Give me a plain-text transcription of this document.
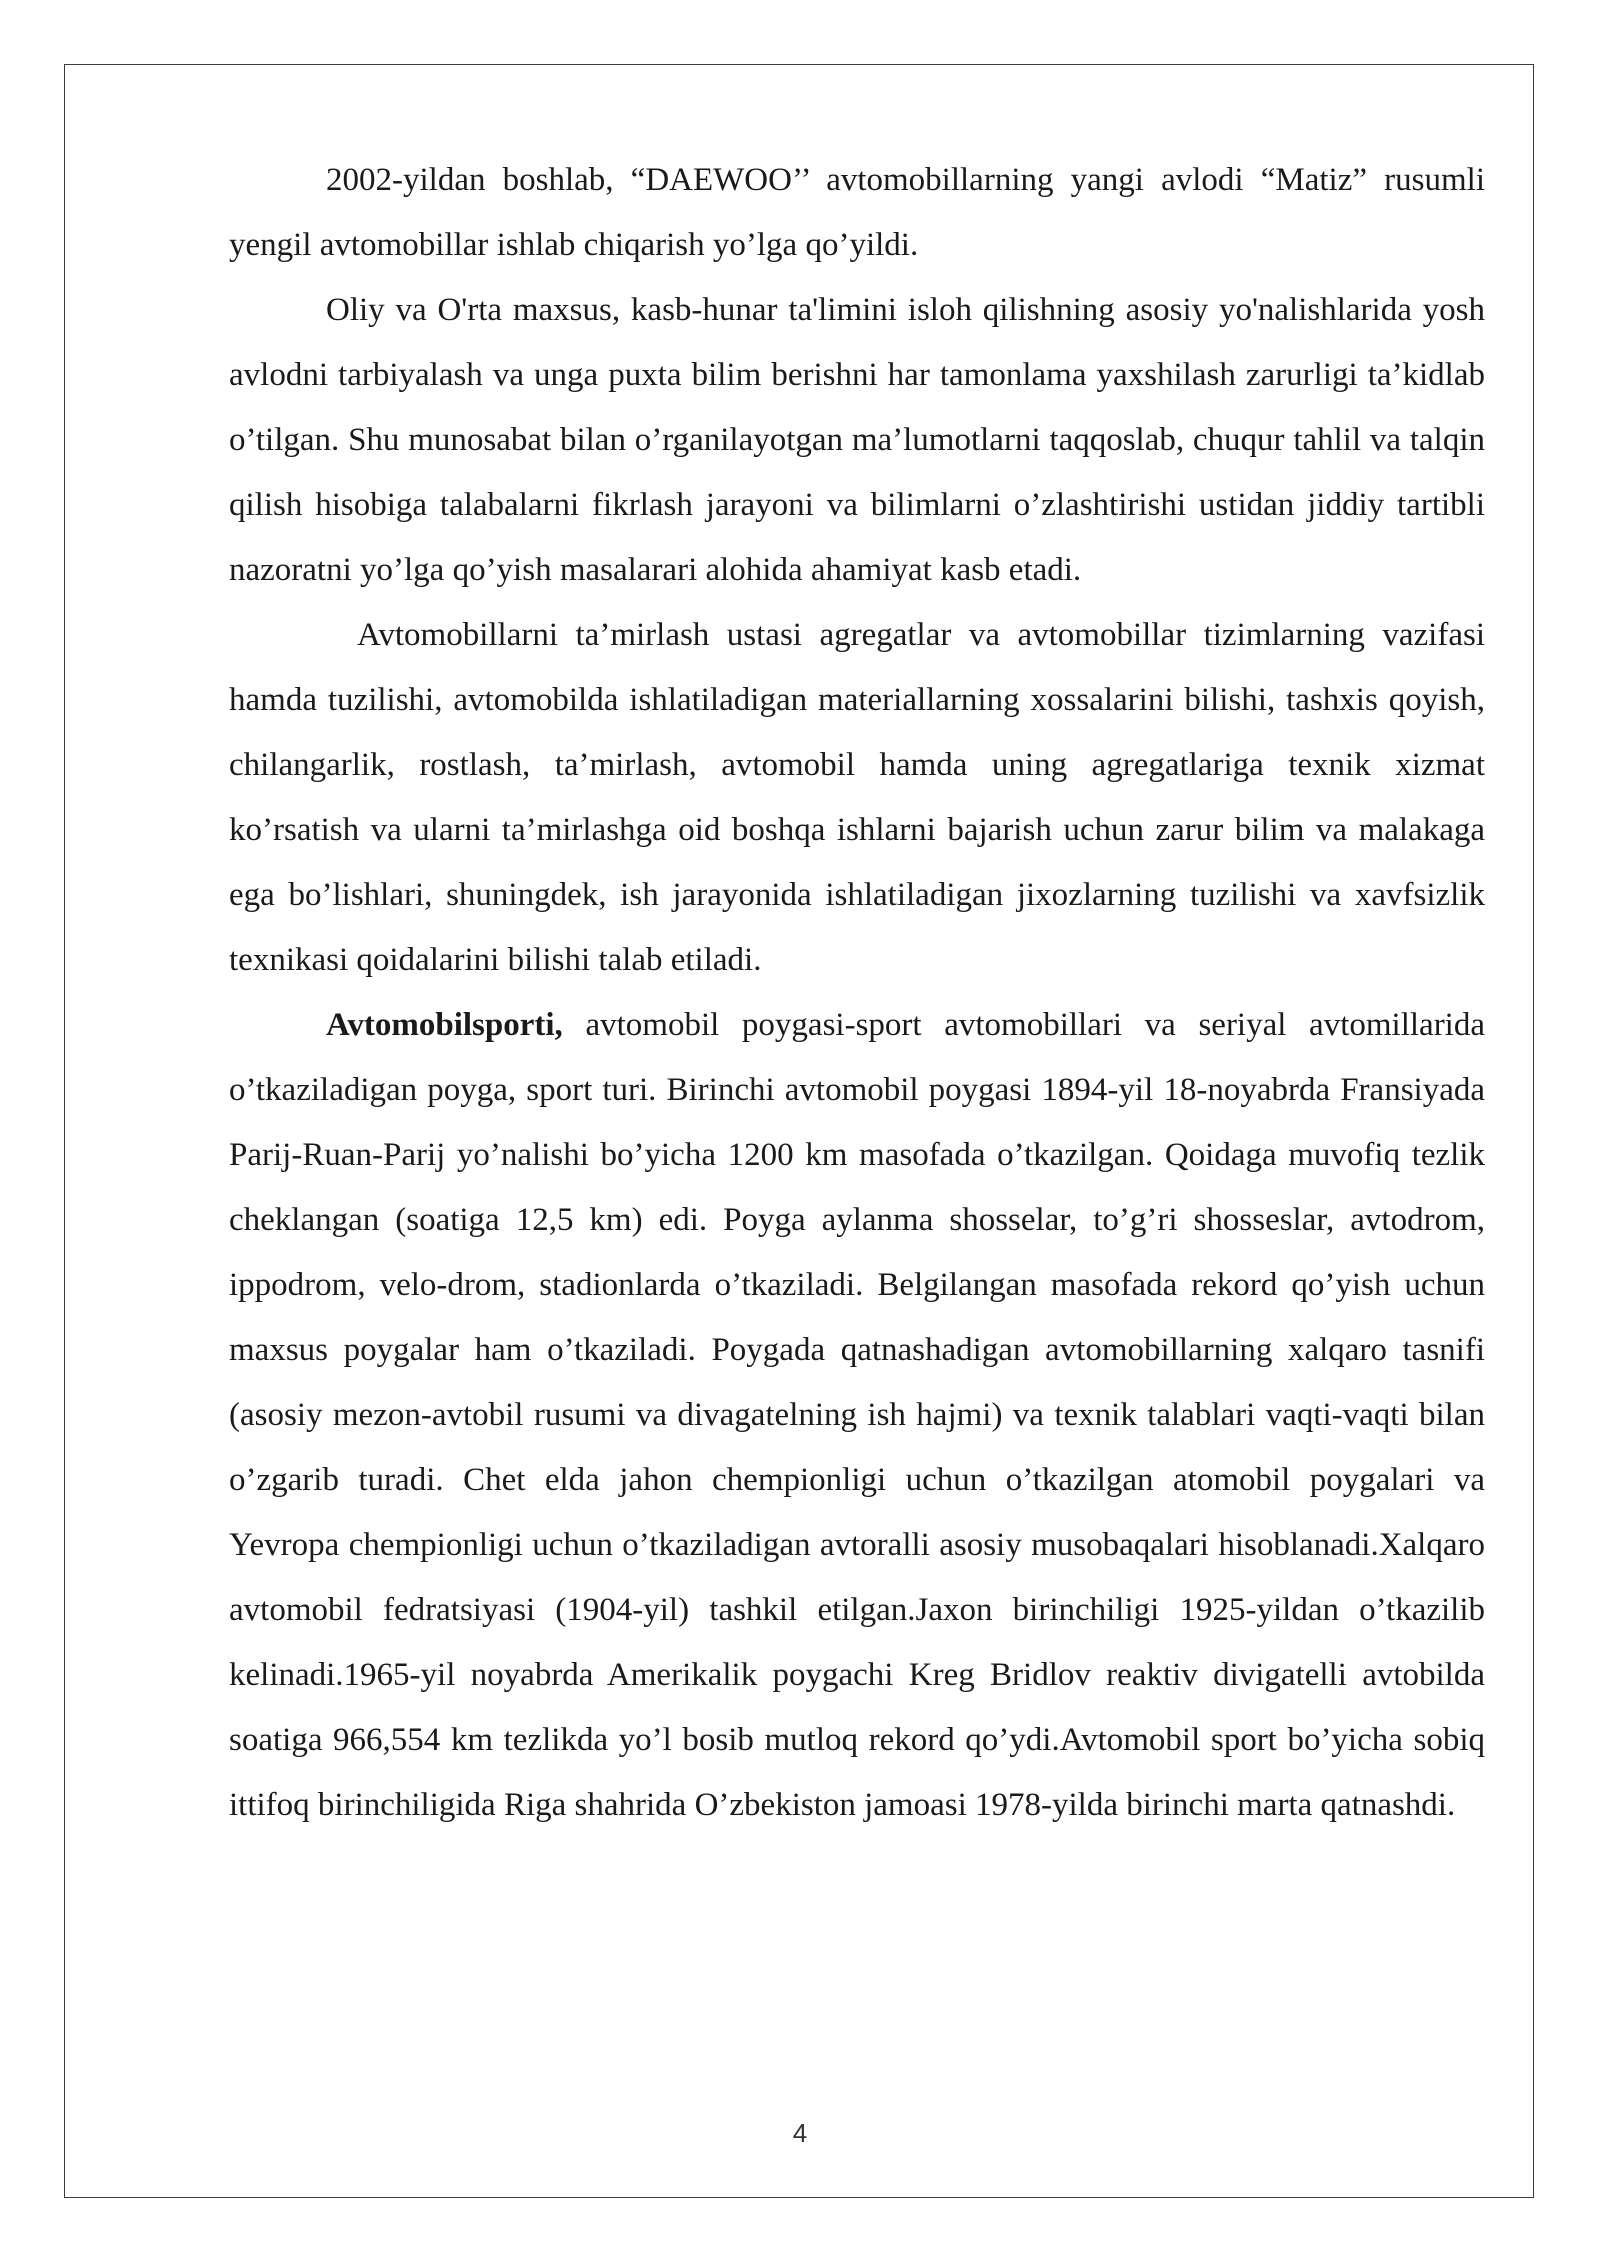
2002-yildan boshlab, “DAEWOO’’ avtomobillarning yangi avlodi “Matiz” rusumli yengil avtomobillar ishlab chiqarish yo’lga qo’yildi.

Oliy va O'rta maxsus, kasb-hunar ta'limini isloh qilishning asosiy yo'nalishlarida yosh avlodni tarbiyalash va unga puxta bilim berishni har tamonlama yaxshilash zarurligi ta’kidlab o’tilgan. Shu munosabat bilan o’rganilayotgan ma’lumotlarni taqqoslab, chuqur tahlil va talqin qilish hisobiga talabalarni fikrlash jarayoni va bilimlarni o’zlashtirishi ustidan jiddiy tartibli nazoratni yo’lga qo’yish masalarari alohida ahamiyat kasb etadi.

Avtomobillarni ta’mirlash ustasi agregatlar va avtomobillar tizimlarning vazifasi hamda tuzilishi, avtomobilda ishlatiladigan materiallarning xossalarini bilishi, tashxis qoyish, chilangarlik, rostlash, ta’mirlash, avtomobil hamda uning agregatlariga texnik xizmat ko’rsatish va ularni ta’mirlashga oid boshqa ishlarni bajarish uchun zarur bilim va malakaga ega bo’lishlari, shuningdek, ish jarayonida ishlatiladigan jixozlarning tuzilishi va xavfsizlik texnikasi qoidalarini bilishi talab etiladi.

Avtomobilsporti, avtomobil poygasi-sport avtomobillari va seriyal avtomillarida o’tkaziladigan poyga, sport turi. Birinchi avtomobil poygasi 1894-yil 18-noyabrda Fransiyada Parij-Ruan-Parij yo’nalishi bo’yicha 1200 km masofada o’tkazilgan. Qoidaga muvofiq tezlik cheklangan (soatiga 12,5 km) edi. Poyga aylanma shosselar, to’g’ri shosseslar, avtodrom, ippodrom, velo-drom, stadionlarda o’tkaziladi. Belgilangan masofada rekord qo’yish uchun maxsus poygalar ham o’tkaziladi. Poygada qatnashadigan avtomobillarning xalqaro tasnifi (asosiy mezon-avtobil rusumi va divagatelning ish hajmi) va texnik talablari vaqti-vaqti bilan o’zgarib turadi. Chet elda jahon chempionligi uchun o’tkazilgan atomobil poygalari va Yevropa chempionligi uchun o’tkaziladigan avtoralli asosiy musobaqalari hisoblanadi.Xalqaro avtomobil fedratsiyasi (1904-yil) tashkil etilgan.Jaxon birinchiligi 1925-yildan o’tkazilib kelinadi.1965-yil noyabrda Amerikalik poygachi Kreg Bridlov reaktiv divigatelli avtobilda soatiga 966,554 km tezlikda yo’l bosib mutloq rekord qo’ydi.Avtomobil sport bo’yicha sobiq ittifoq birinchiligida Riga shahrida O’zbekiston jamoasi 1978-yilda birinchi marta qatnashdi.

4
